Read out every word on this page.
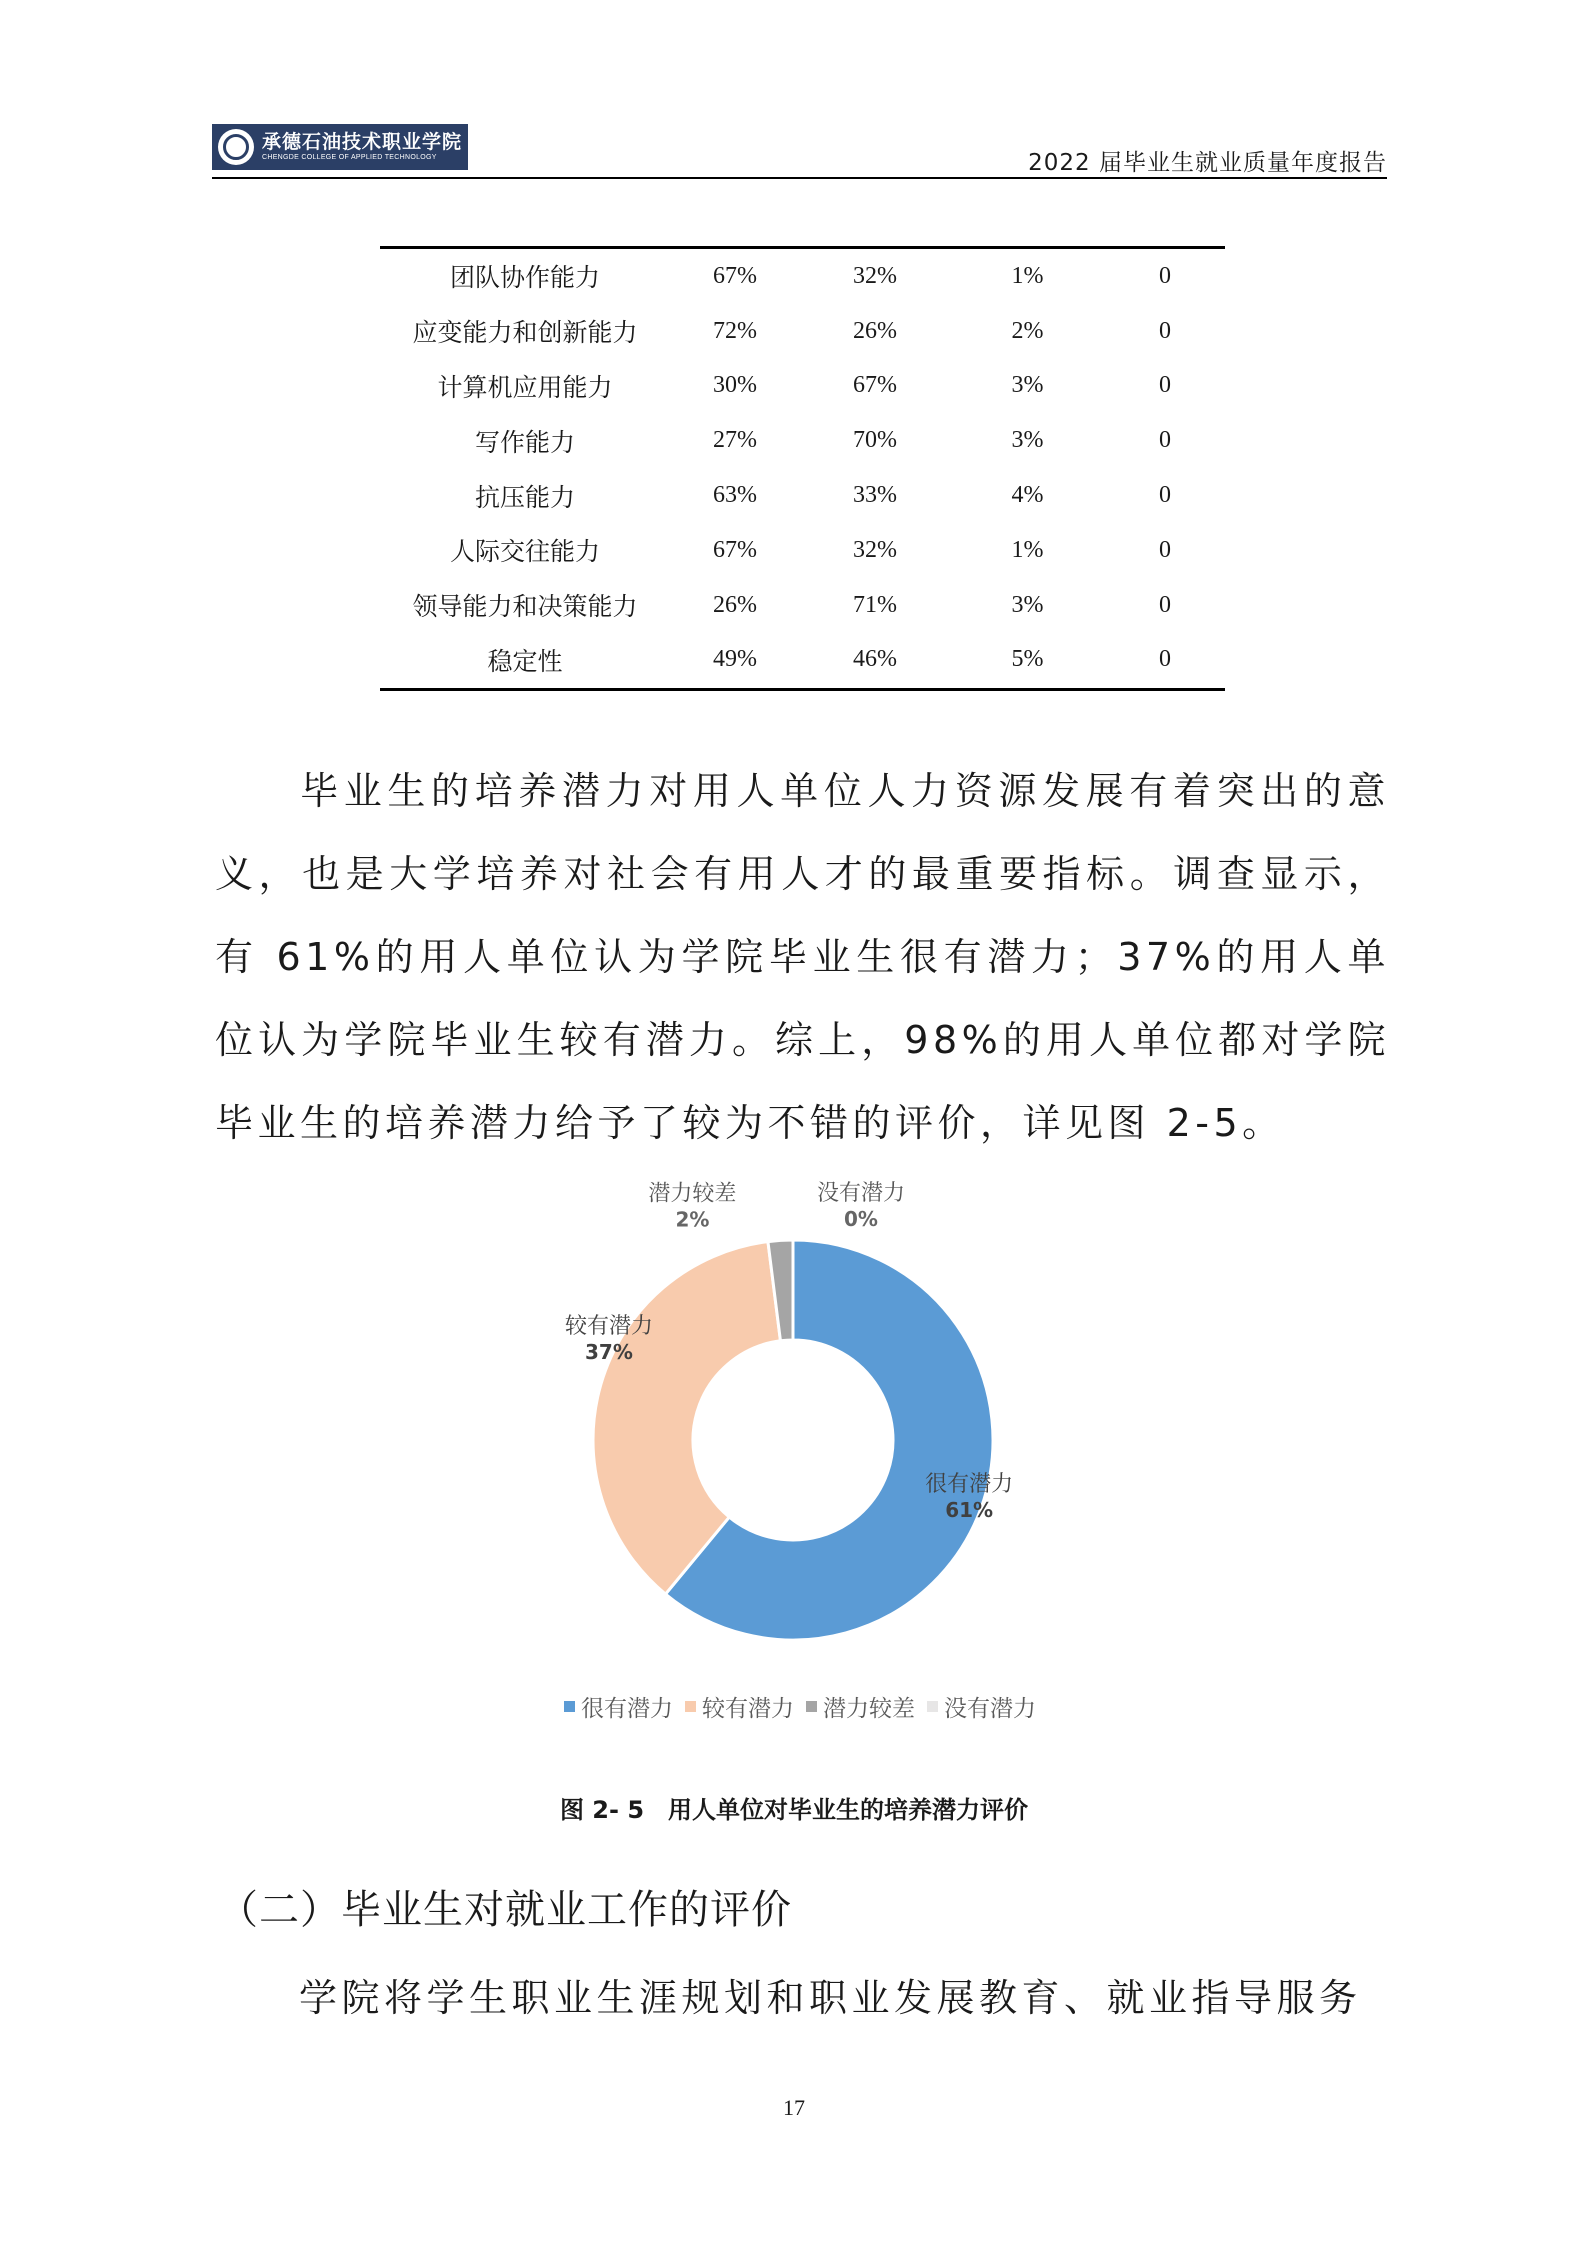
承德石油技术职业学院
CHENGDE COLLEGE OF APPLIED TECHNOLOGY	2022 届毕业生就业质量年度报告
团队协作能力	67%	32%	1%	0
应变能力和创新能力	72%	26%	2%	0
计算机应用能力	30%	67%	3%	0
写作能力	27%	70%	3%	0
抗压能力	63%	33%	4%	0
人际交往能力	67%	32%	1%	0
领导能力和决策能力	26%	71%	3%	0
稳定性	49%	46%	5%	0
毕业生的培养潜力对用人单位人力资源发展有着突出的意义，也是大学培养对社会有用人才的最重要指标。调查显示，有 61%的用人单位认为学院毕业生很有潜力；37%的用人单位认为学院毕业生较有潜力。综上，98%的用人单位都对学院毕业生的培养潜力给予了较为不错的评价，详见图 2-5。
很有潜力
61%
较有潜力
37%
潜力较差
2%
没有潜力
0%
很有潜力 较有潜力 潜力较差 没有潜力
图 2- 5　用人单位对毕业生的培养潜力评价
（二）毕业生对就业工作的评价
学院将学生职业生涯规划和职业发展教育、就业指导服务
17
